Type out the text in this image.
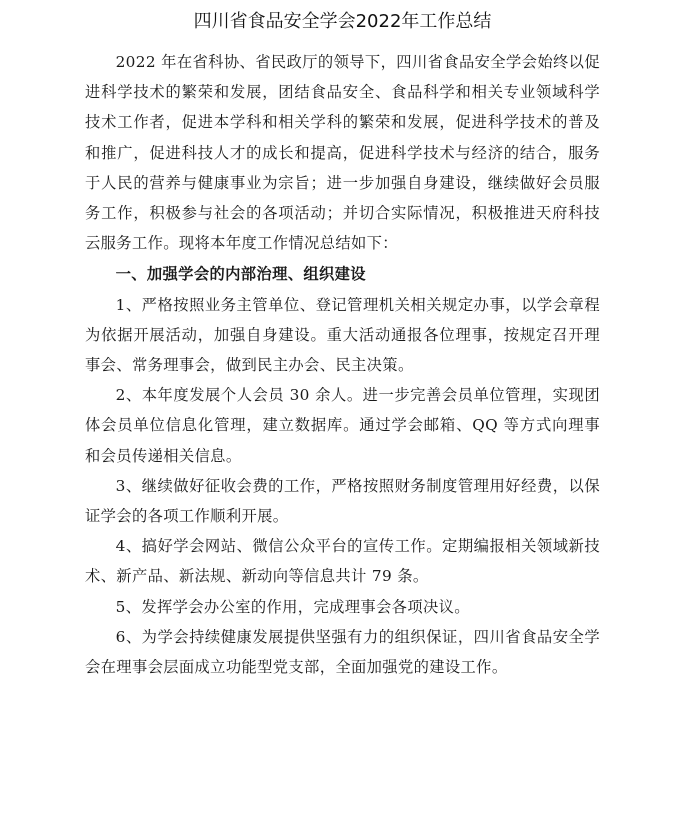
四川省食品安全学会2022年工作总结

2022 年在省科协、省民政厅的领导下，四川省食品安全学会始终以促进科学技术的繁荣和发展，团结食品安全、食品科学和相关专业领域科学技术工作者，促进本学科和相关学科的繁荣和发展，促进科学技术的普及和推广，促进科技人才的成长和提高，促进科学技术与经济的结合，服务于人民的营养与健康事业为宗旨；进一步加强自身建设，继续做好会员服务工作，积极参与社会的各项活动；并切合实际情况，积极推进天府科技云服务工作。现将本年度工作情况总结如下：

一、加强学会的内部治理、组织建设

1、严格按照业务主管单位、登记管理机关相关规定办事，以学会章程为依据开展活动，加强自身建设。重大活动通报各位理事，按规定召开理事会、常务理事会，做到民主办会、民主决策。

2、本年度发展个人会员 30 余人。进一步完善会员单位管理，实现团体会员单位信息化管理，建立数据库。通过学会邮箱、QQ 等方式向理事和会员传递相关信息。

3、继续做好征收会费的工作，严格按照财务制度管理用好经费，以保证学会的各项工作顺利开展。

4、搞好学会网站、微信公众平台的宣传工作。定期编报相关领域新技术、新产品、新法规、新动向等信息共计 79 条。

5、发挥学会办公室的作用，完成理事会各项决议。

6、为学会持续健康发展提供坚强有力的组织保证，四川省食品安全学会在理事会层面成立功能型党支部，全面加强党的建设工作。
